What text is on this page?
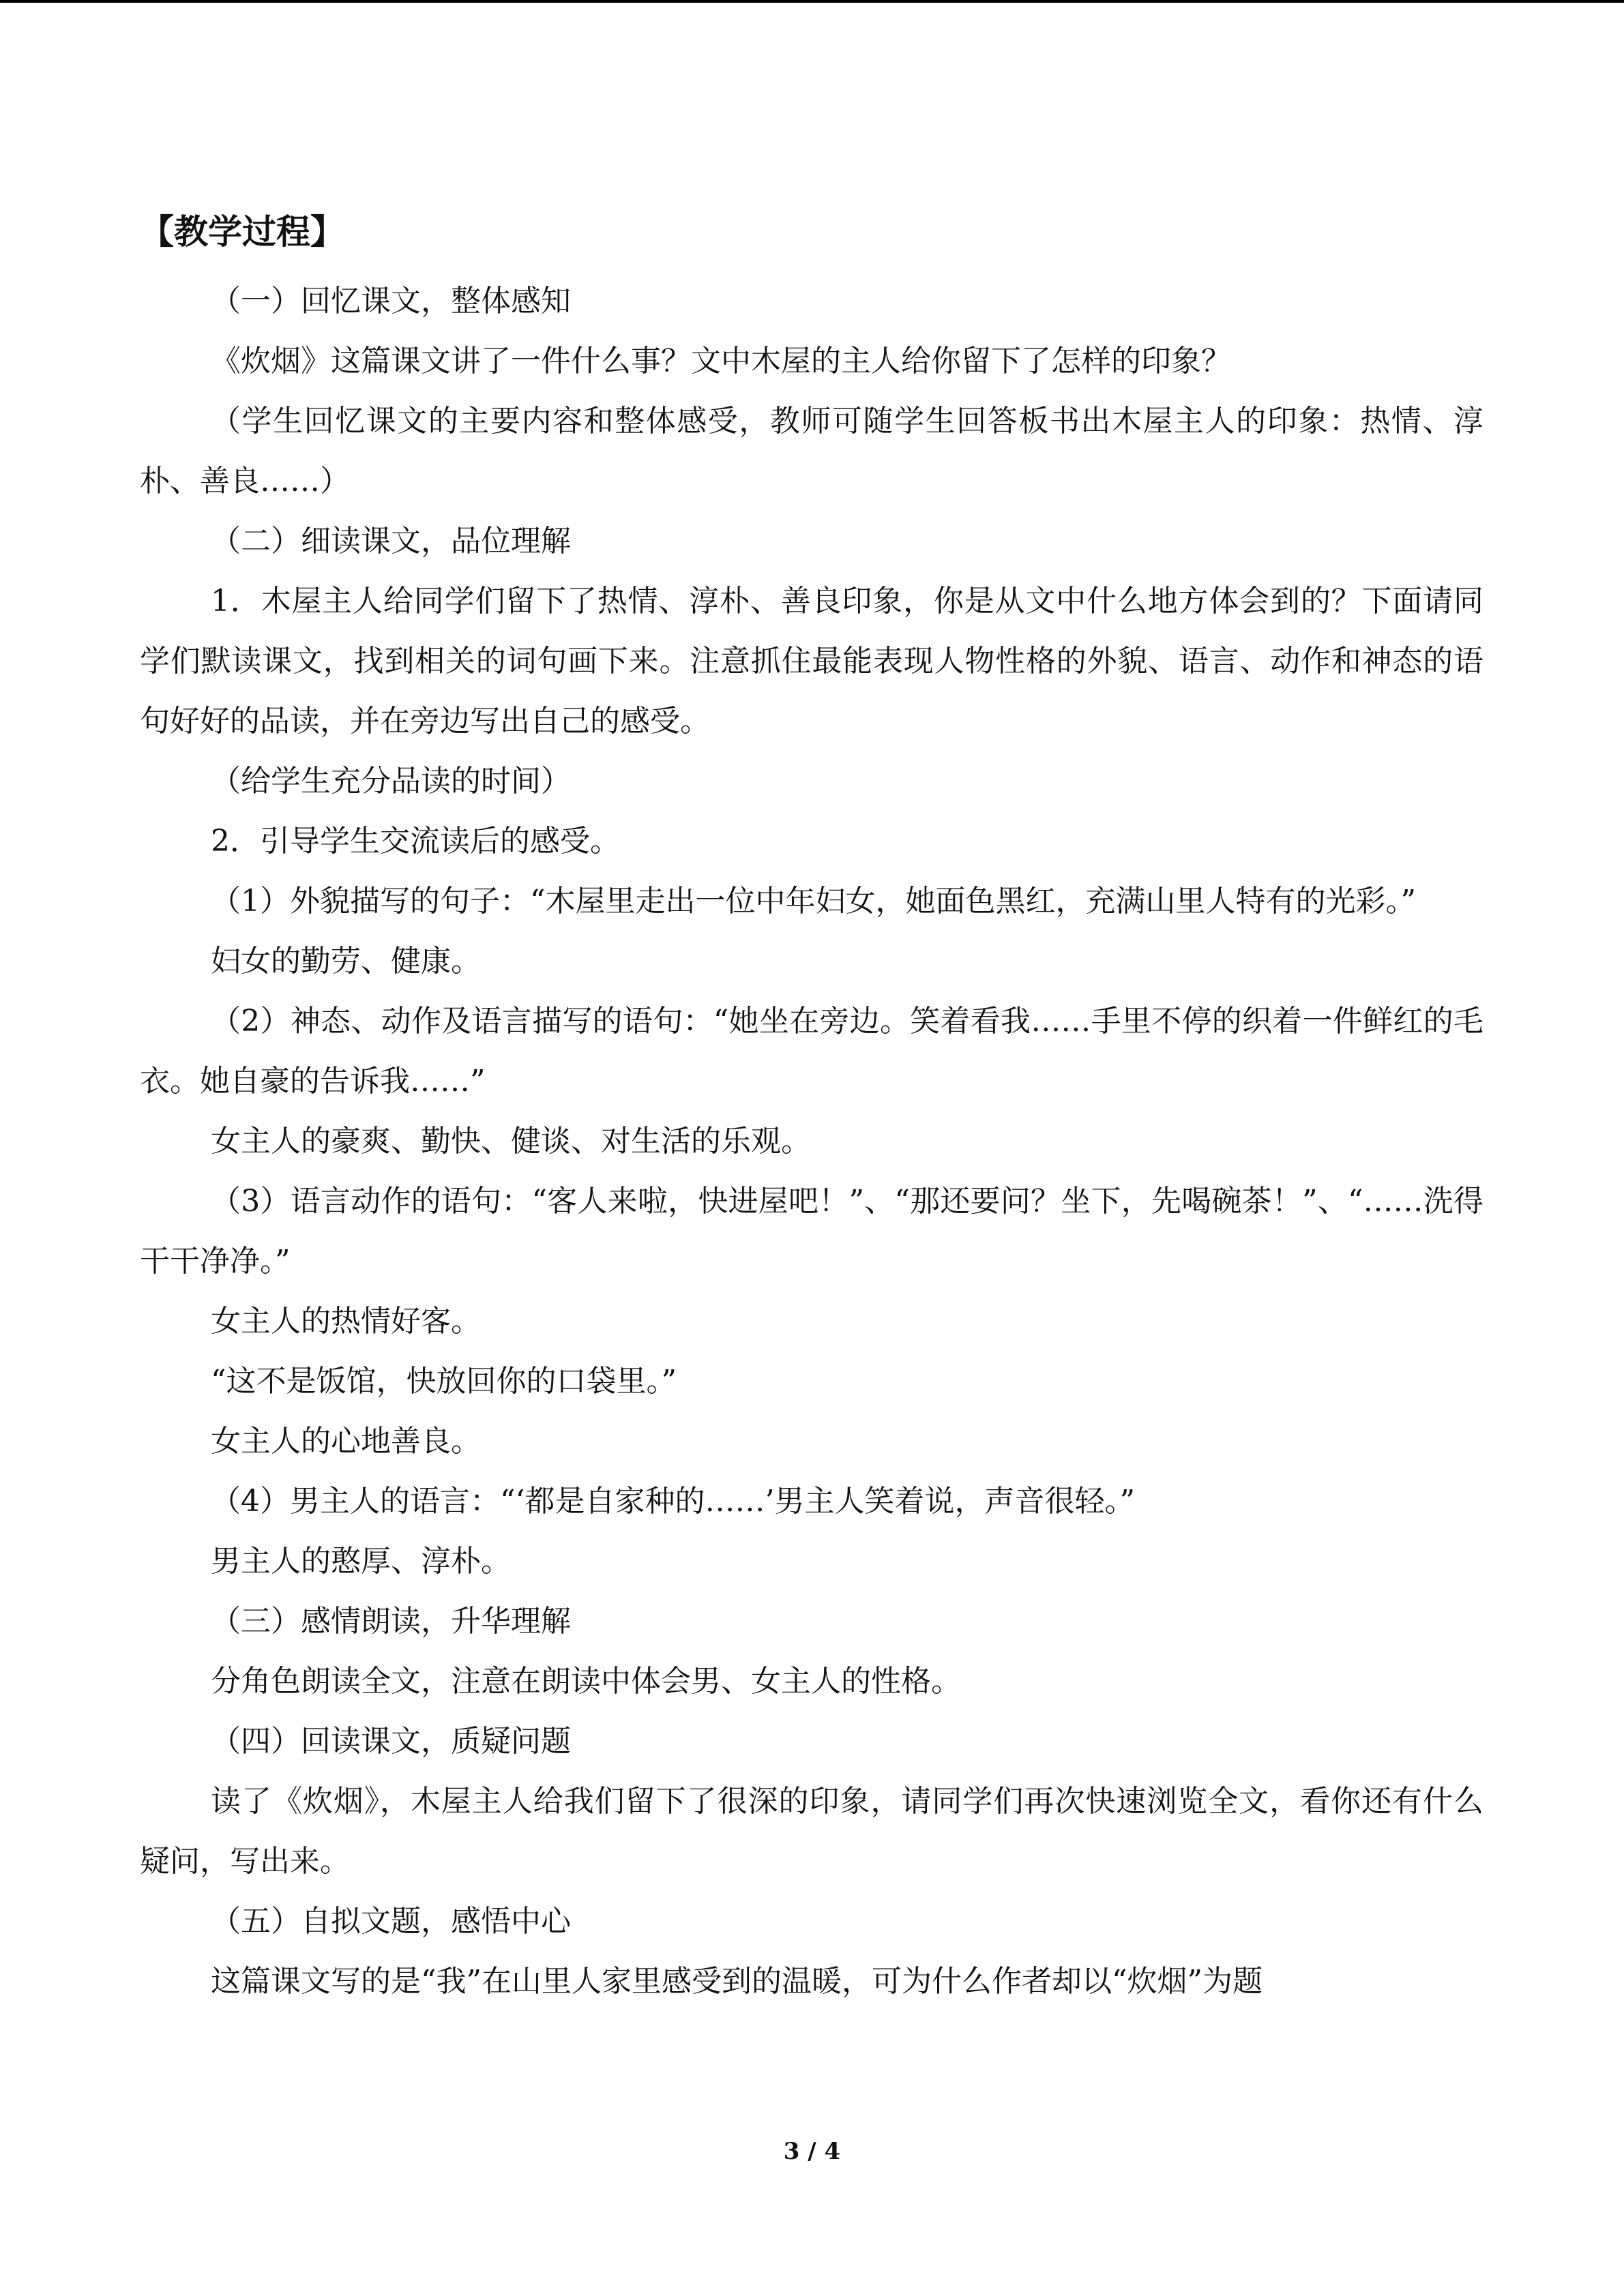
【教学过程】

（一）回忆课文，整体感知

《炊烟》这篇课文讲了一件什么事？文中木屋的主人给你留下了怎样的印象？

（学生回忆课文的主要内容和整体感受，教师可随学生回答板书出木屋主人的印象：热情、淳朴、善良……）

（二）细读课文，品位理解

1．木屋主人给同学们留下了热情、淳朴、善良印象，你是从文中什么地方体会到的？下面请同学们默读课文，找到相关的词句画下来。注意抓住最能表现人物性格的外貌、语言、动作和神态的语句好好的品读，并在旁边写出自己的感受。

（给学生充分品读的时间）

2．引导学生交流读后的感受。

（1）外貌描写的句子：“木屋里走出一位中年妇女，她面色黑红，充满山里人特有的光彩。”

妇女的勤劳、健康。

（2）神态、动作及语言描写的语句：“她坐在旁边。笑着看我……手里不停的织着一件鲜红的毛衣。她自豪的告诉我……”

女主人的豪爽、勤快、健谈、对生活的乐观。

（3）语言动作的语句：“客人来啦，快进屋吧！”、“那还要问？坐下，先喝碗茶！”、“……洗得干干净净。”

女主人的热情好客。

“这不是饭馆，快放回你的口袋里。”

女主人的心地善良。

（4）男主人的语言：“‘都是自家种的……’男主人笑着说，声音很轻。”

男主人的憨厚、淳朴。

（三）感情朗读，升华理解

分角色朗读全文，注意在朗读中体会男、女主人的性格。

（四）回读课文，质疑问题

读了《炊烟》，木屋主人给我们留下了很深的印象，请同学们再次快速浏览全文，看你还有什么疑问，写出来。

（五）自拟文题，感悟中心

这篇课文写的是“我”在山里人家里感受到的温暖，可为什么作者却以“炊烟”为题

3 / 4
